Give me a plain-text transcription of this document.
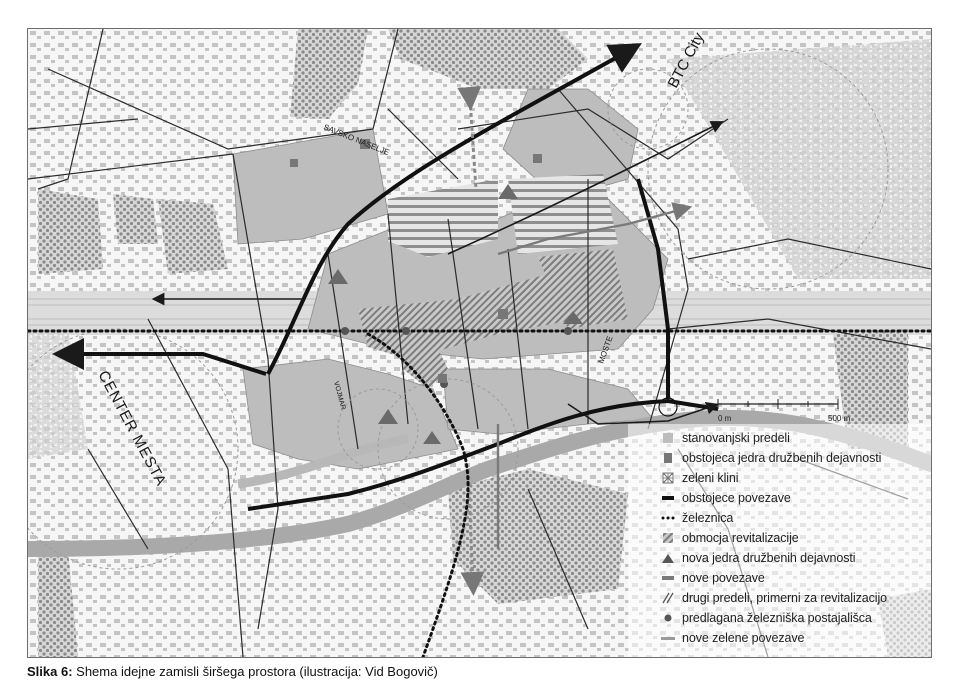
0 m	500 m
BTC City
CENTER MESTA
SAVSKO NASELJE
VOJMAR
MOSTE
stanovanjski predeli
obstojeca jedra družbenih dejavnosti
zeleni klini
obstojece povezave
železnica
obmocja revitalizacije
nova jedra družbenih dejavnosti
nove povezave
drugi predeli, primerni za revitalizacijo
predlagana železniška postajališca
nove zelene povezave
Slika 6: Shema idejne zamisli širšega prostora (ilustracija: Vid Bogovič)
